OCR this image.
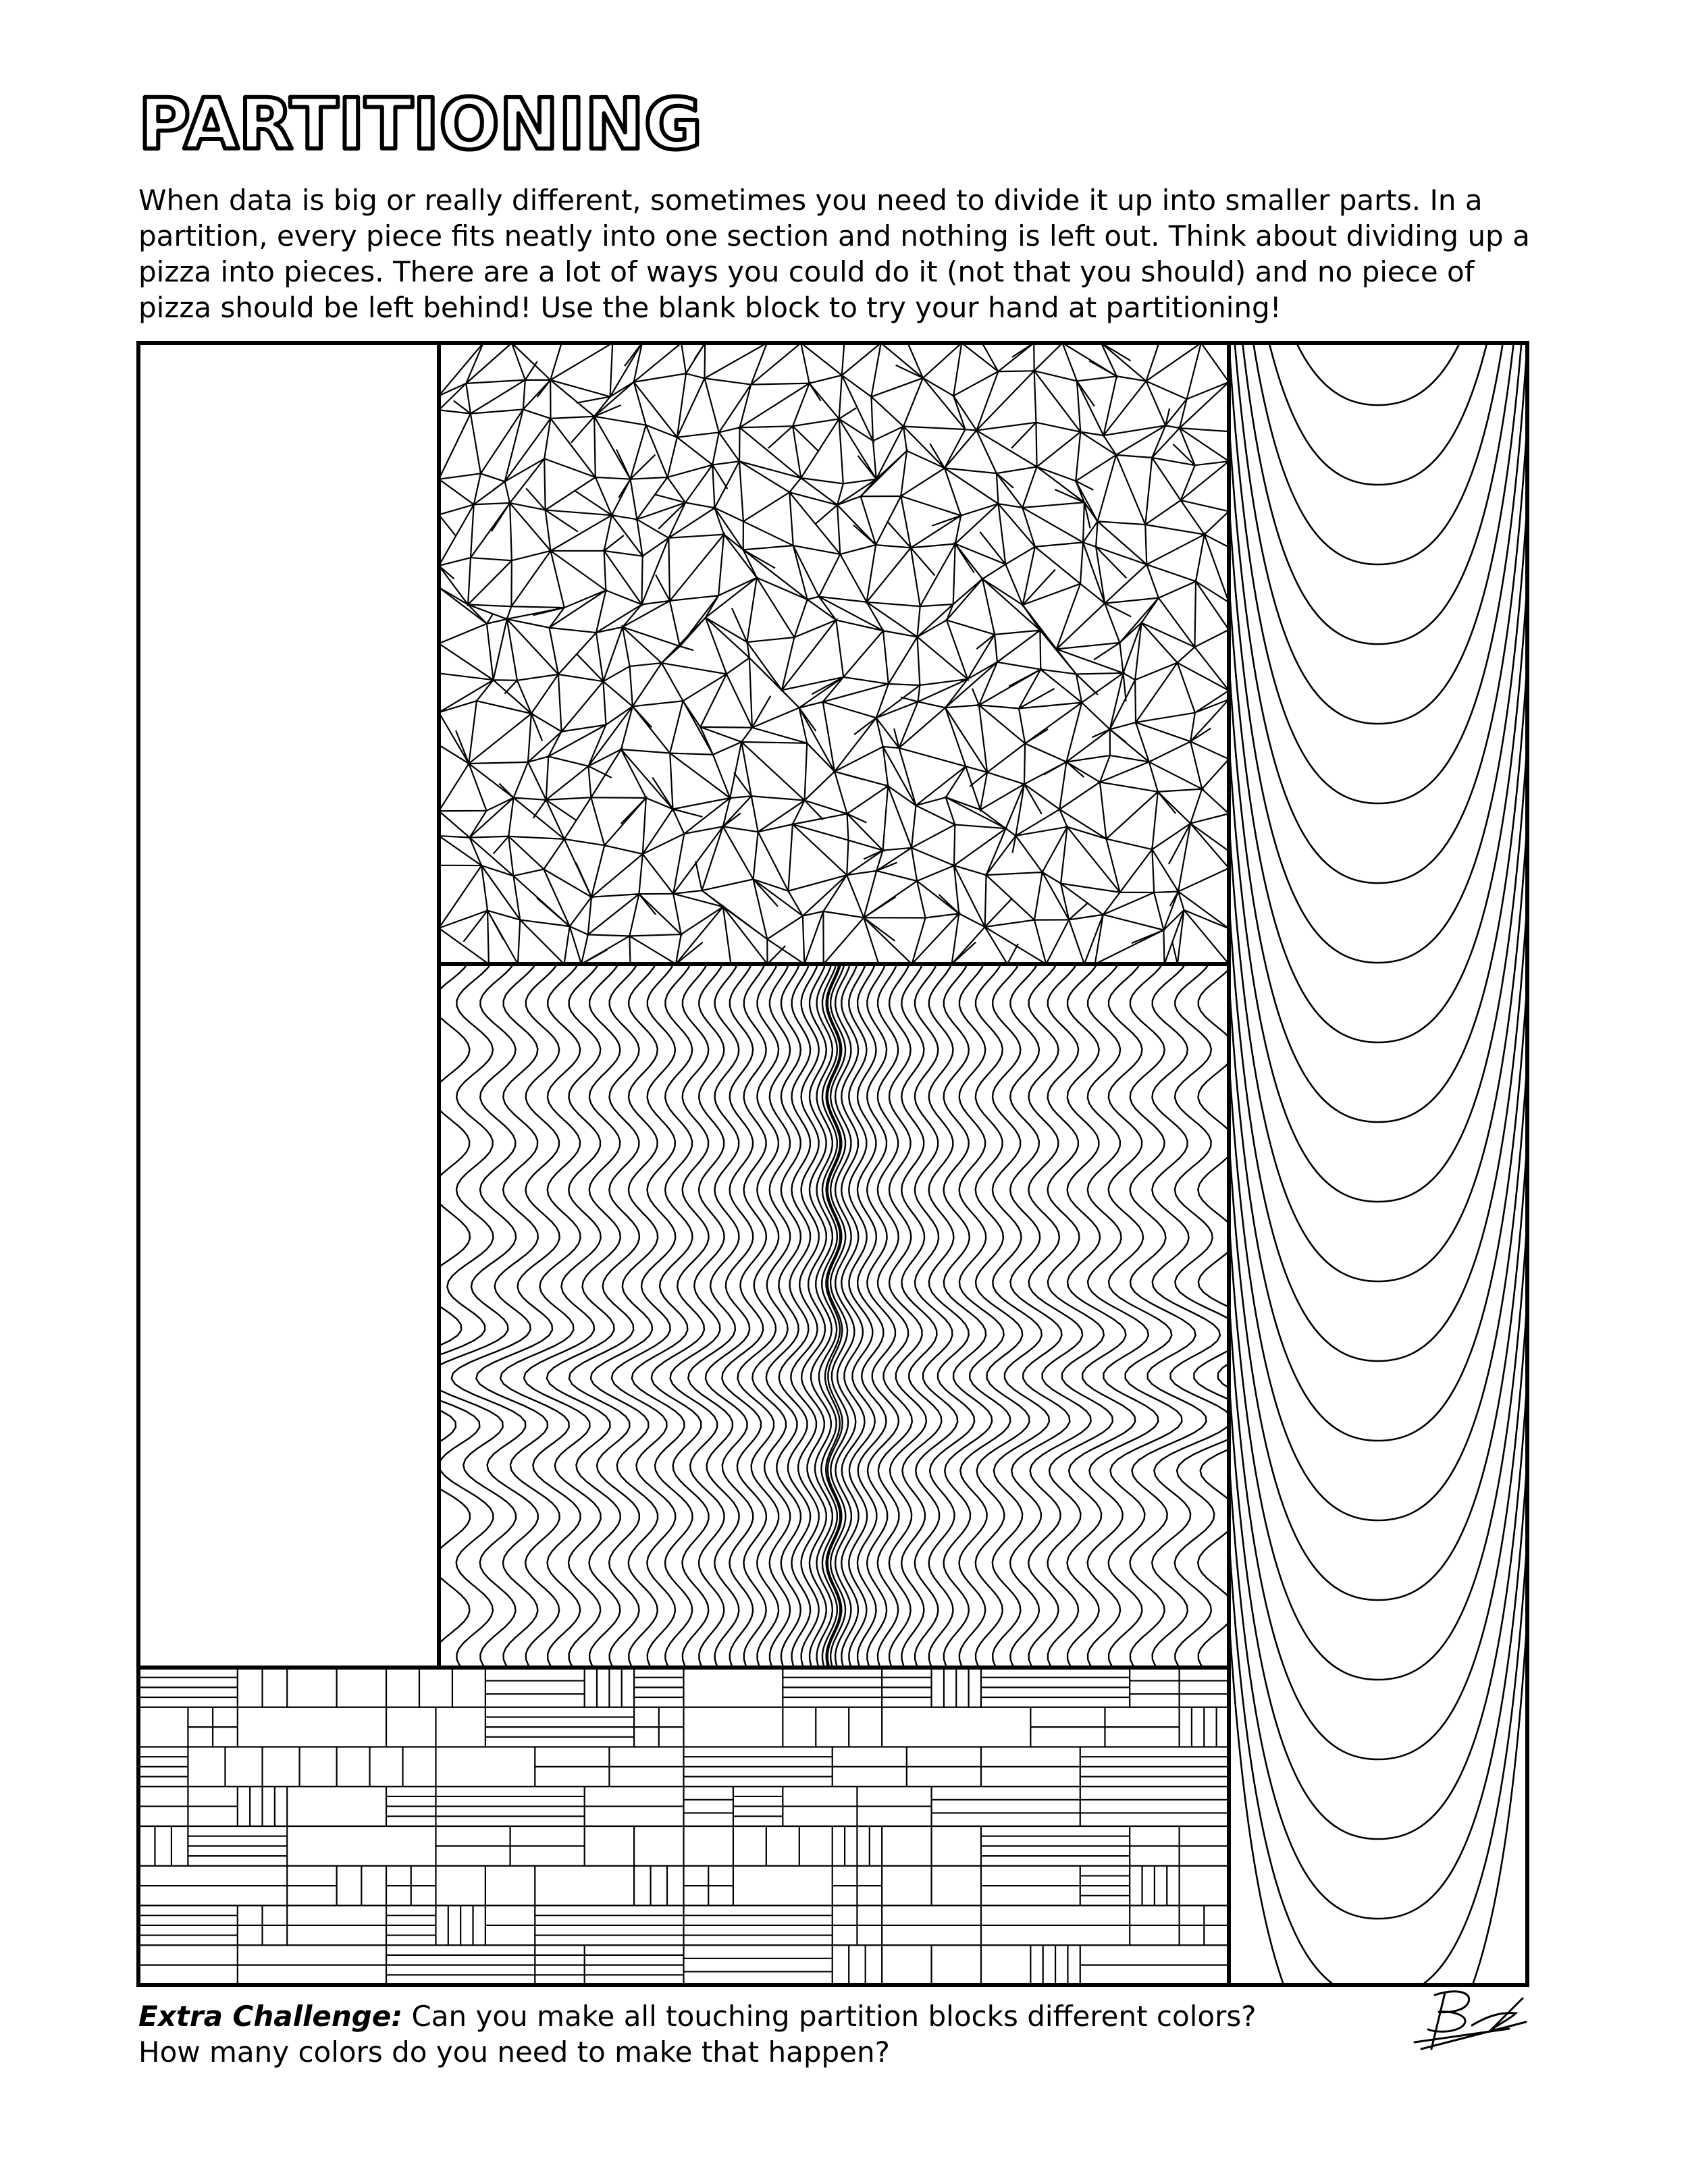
PARTITIONING

When data is big or really different, sometimes you need to divide it up into smaller parts. In a partition, every piece fits neatly into one section and nothing is left out. Think about dividing up a pizza into pieces. There are a lot of ways you could do it (not that you should) and no piece of pizza should be left behind! Use the blank block to try your hand at partitioning!

Extra Challenge: Can you make all touching partition blocks different colors? How many colors do you need to make that happen?
